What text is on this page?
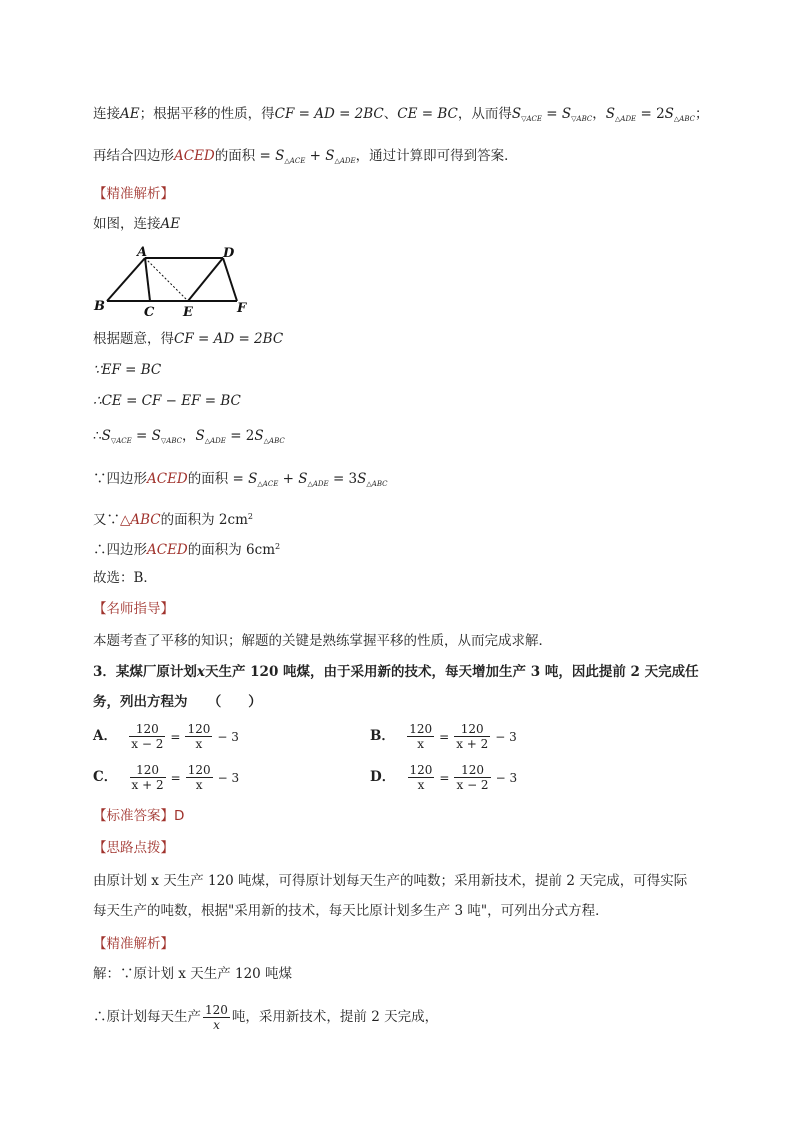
连接AE；根据平移的性质，得CF = AD = 2BC、CE = BC，从而得$S_{▽ACE} = S_{▽ABC}$，$S_{\triangle ADE} = 2S_{\triangle ABC}$；
再结合四边形ACED的面积 = $S_{\triangle ACE} + S_{\triangle ADE}$，通过计算即可得到答案．
【精准解析】
如图，连接AE
A	D
B	C E	F
根据题意，得CF = AD = 2BC
∵EF = BC
∴CE = CF − EF = BC
$\therefore S_{▽ACE} = S_{▽ABC}$，$S_{\triangle ADE} = 2S_{\triangle ABC}$
∵四边形ACED的面积 = $S_{\triangle ACE} + S_{\triangle ADE} = 3S_{\triangle ABC}$
又∵△ABC的面积为 $2cm^2$
∴四边形ACED的面积为 $6cm^2$
故选：B．
【名师指导】
本题考查了平移的知识；解题的关键是熟练掌握平移的性质，从而完成求解．
3．某煤厂原计划x天生产 120 吨煤，由于采用新的技术，每天增加生产 3 吨，因此提前 2 天完成任
务，列出方程为　　（　　）
A． $\frac{120}{x - 2} = \frac{120}{x} - 3$	B． $\frac{120}{x} = \frac{120}{x + 2} - 3$
C． $\frac{120}{x + 2} = \frac{120}{x} - 3$	D． $\frac{120}{x} = \frac{120}{x - 2} - 3$
【标准答案】D
【思路点拨】
由原计划 x 天生产 120 吨煤，可得原计划每天生产的吨数；采用新技术，提前 2 天完成，可得实际
每天生产的吨数，根据"采用新的技术，每天比原计划多生产 3 吨"，可列出分式方程．
【精准解析】
解：∵原计划 x 天生产 120 吨煤
∴原计划每天生产 $\frac{120}{x}$ 吨，采用新技术，提前 2 天完成，
